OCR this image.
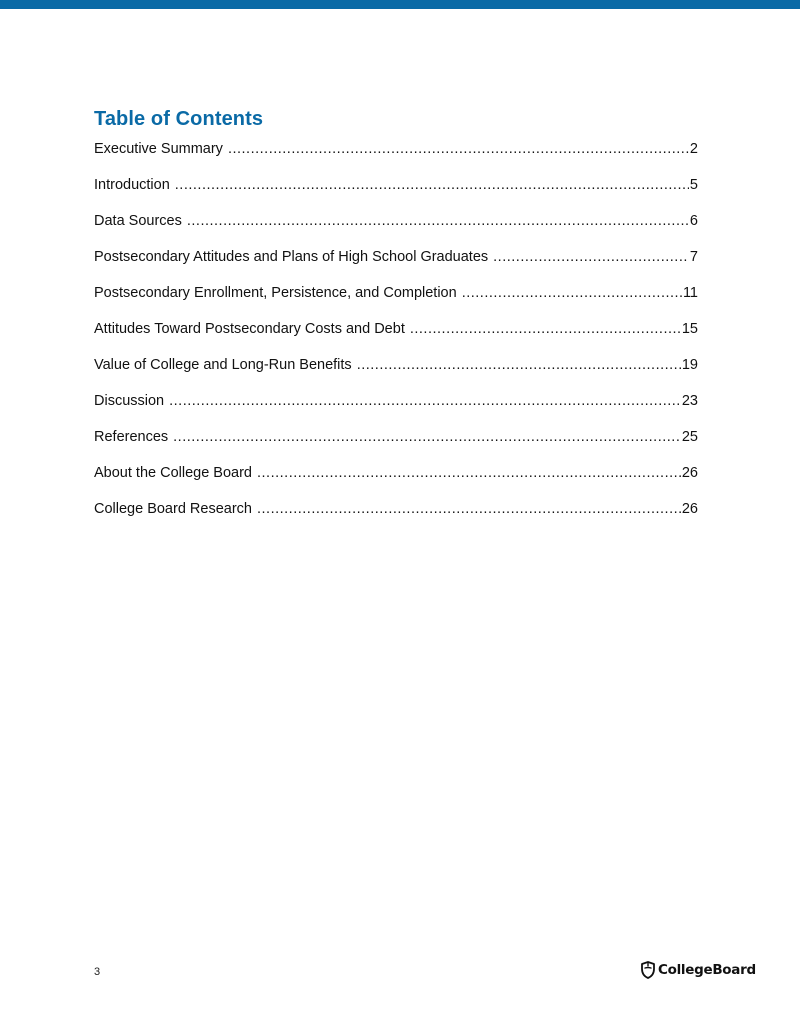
Table of Contents
Executive Summary .....	2
Introduction .....	5
Data Sources .....	6
Postsecondary Attitudes and Plans of High School Graduates .....	7
Postsecondary Enrollment, Persistence, and Completion .....	11
Attitudes Toward Postsecondary Costs and Debt .....	15
Value of College and Long-Run Benefits .....	19
Discussion .....	23
References .....	25
About the College Board .....	26
College Board Research .....	26
3	CollegeBoard
